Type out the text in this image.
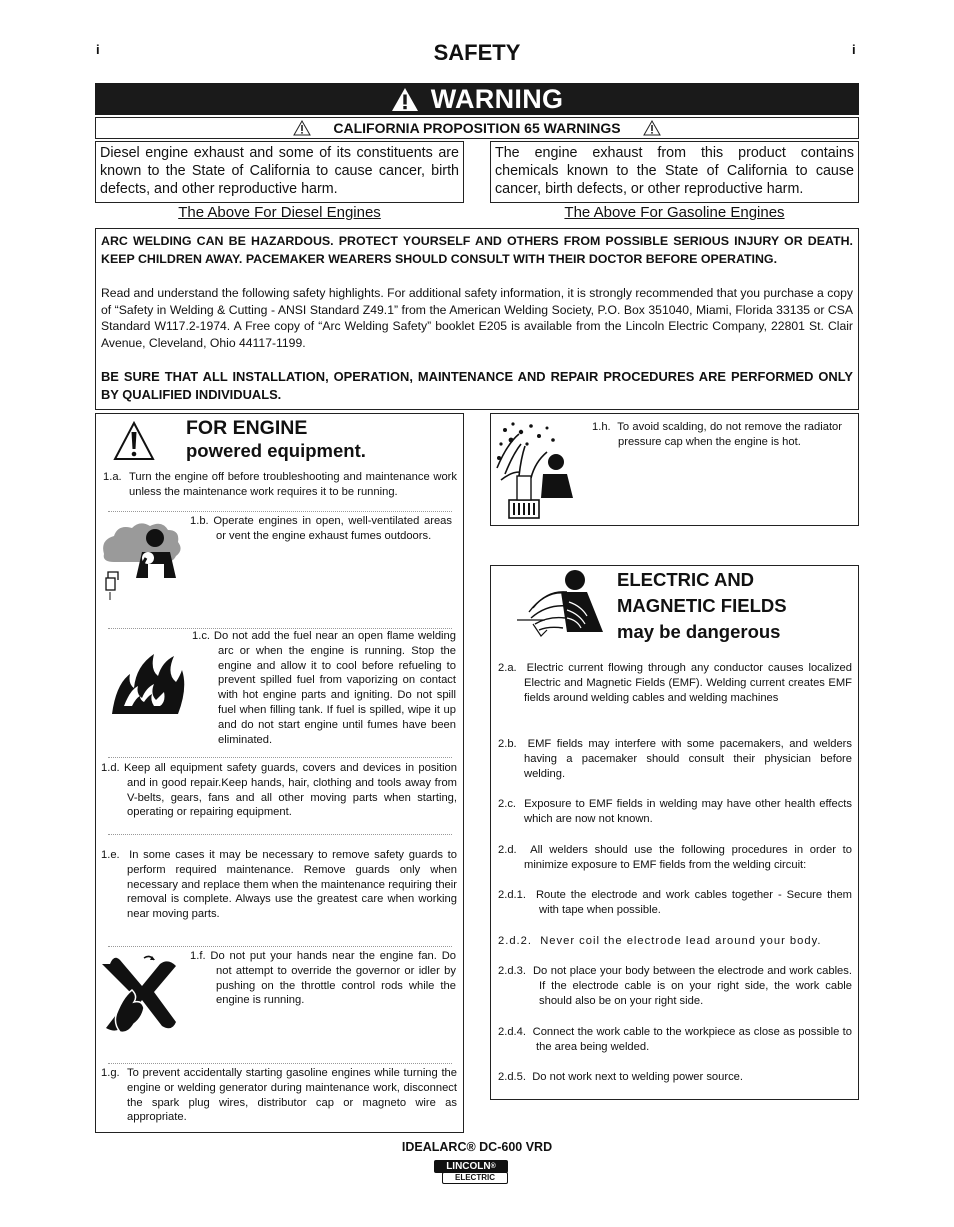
i	i
SAFETY
WARNING
CALIFORNIA PROPOSITION 65 WARNINGS
Diesel engine exhaust and some of its constituents are known to the State of California to cause cancer, birth defects, and other reproductive harm.
The engine exhaust from this product contains chemicals known to the State of California to cause cancer, birth defects, or other reproductive harm.
The Above For Diesel Engines	The Above For Gasoline Engines
ARC WELDING CAN BE HAZARDOUS. PROTECT YOURSELF AND OTHERS FROM POSSIBLE SERIOUS INJURY OR DEATH. KEEP CHILDREN AWAY. PACEMAKER WEARERS SHOULD CONSULT WITH THEIR DOCTOR BEFORE OPERATING.
Read and understand the following safety highlights. For additional safety information, it is strongly recommended that you purchase a copy of “Safety in Welding & Cutting - ANSI Standard Z49.1” from the American Welding Society, P.O. Box 351040, Miami, Florida 33135 or CSA Standard W117.2-1974. A Free copy of “Arc Welding Safety” booklet E205 is available from the Lincoln Electric Company, 22801 St. Clair Avenue, Cleveland, Ohio 44117-1199.
BE SURE THAT ALL INSTALLATION, OPERATION, MAINTENANCE AND REPAIR PROCEDURES ARE PERFORMED ONLY BY QUALIFIED INDIVIDUALS.
FOR ENGINE
powered equipment.
1.a.  Turn the engine off before troubleshooting and maintenance work unless the maintenance work requires it to be running.
1.b. Operate engines in open, well-ventilated areas or vent the engine exhaust fumes outdoors.
1.c. Do not add the fuel near an open flame welding arc or when the engine is running. Stop the engine and allow it to cool before refueling to prevent spilled fuel from vaporizing on contact with hot engine parts and igniting. Do not spill fuel when filling tank. If fuel is spilled, wipe it up and do not start engine until fumes have been eliminated.
1.d. Keep all equipment safety guards, covers and devices in position and in good repair.Keep hands, hair, clothing and tools away from V-belts, gears, fans and all other moving parts when starting, operating or repairing equipment.
1.e.  In some cases it may be necessary to remove safety guards to perform required maintenance. Remove guards only when necessary and replace them when the maintenance requiring their removal is complete. Always use the greatest care when working near moving parts.
1.f. Do not put your hands near the engine fan. Do not attempt to override the governor or idler by pushing on the throttle control rods while the engine is running.
1.g.  To prevent accidentally starting gasoline engines while turning the engine or welding generator during maintenance work, disconnect the spark plug wires, distributor cap or magneto wire as appropriate.
1.h.  To avoid scalding, do not remove the radiator pressure cap when the engine is hot.
ELECTRIC AND
MAGNETIC FIELDS
may be dangerous
2.a.  Electric current flowing through any conductor causes localized Electric and Magnetic Fields (EMF). Welding current creates EMF fields around welding cables and welding machines
2.b.  EMF fields may interfere with some pacemakers, and welders having a pacemaker should consult their physician before welding.
2.c.  Exposure to EMF fields in welding may have other health effects which are now not known.
2.d.  All welders should use the following procedures in order to minimize exposure to EMF fields from the welding circuit:
2.d.1.  Route the electrode and work cables together - Secure them with tape when possible.
2.d.2.  Never coil the electrode lead around your body.
2.d.3.  Do not place your body between the electrode and work cables. If the electrode cable is on your right side, the work cable should also be on your right side.
2.d.4.  Connect the work cable to the workpiece as close as possible to the area being welded.
2.d.5.  Do not work next to welding power source.
IDEALARC® DC-600 VRD
LINCOLN®
ELECTRIC
